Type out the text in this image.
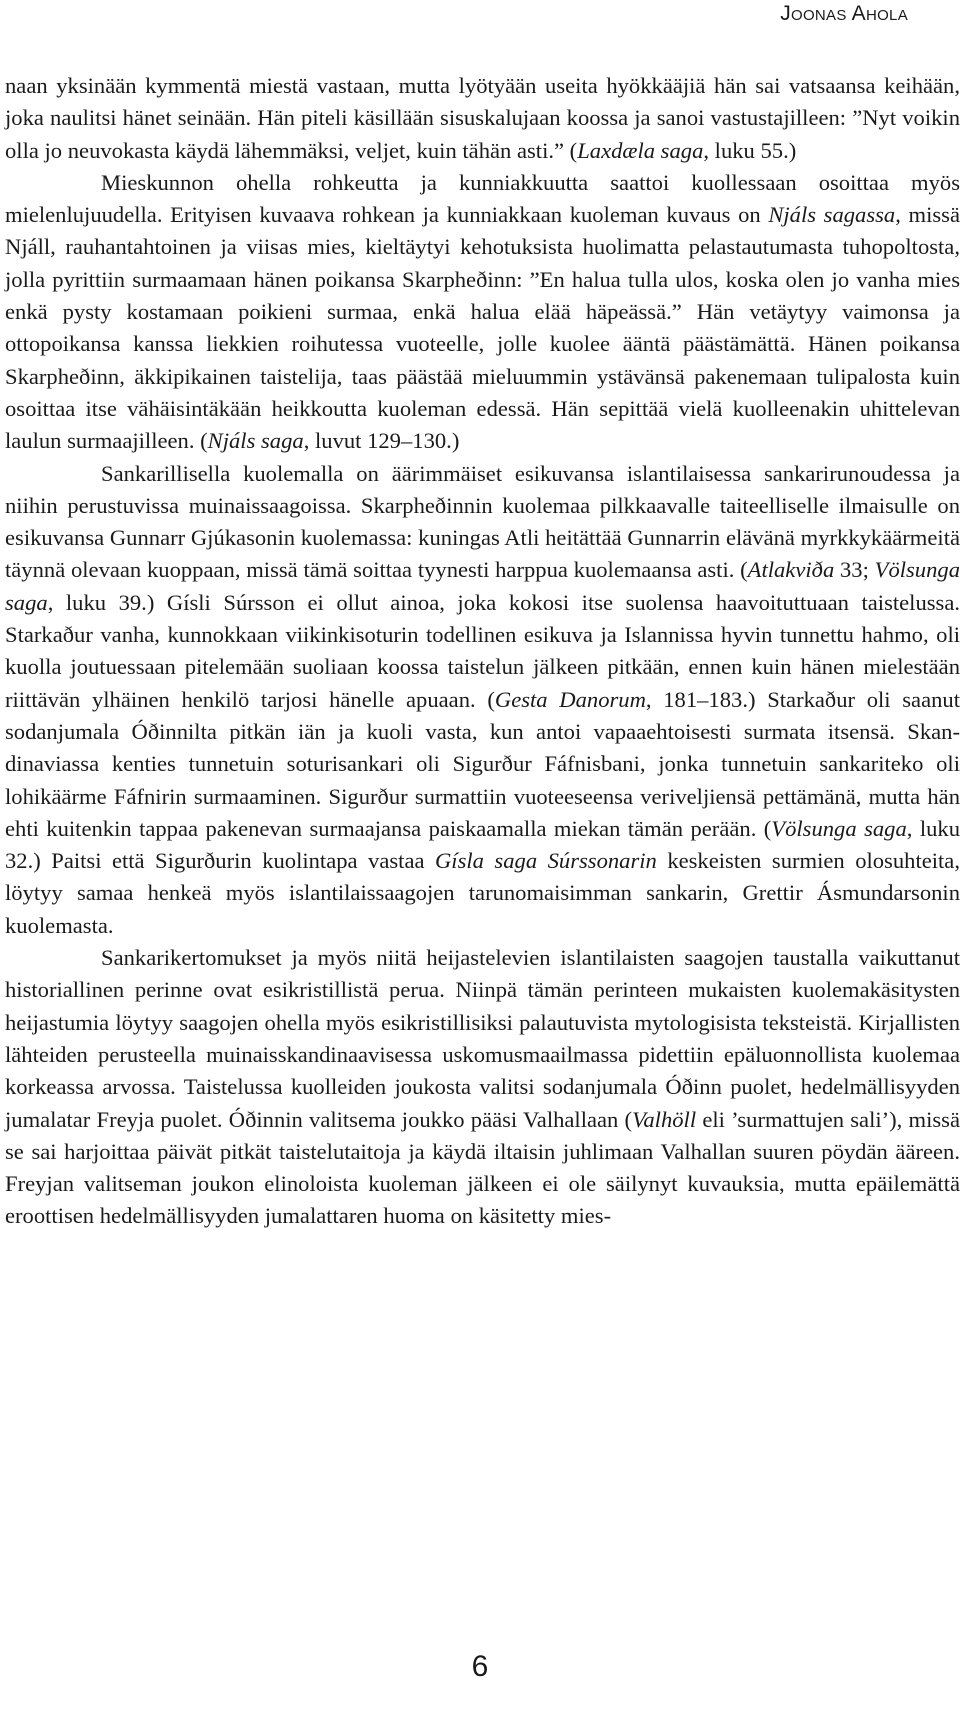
Joonas Ahola

naan yksinään kymmentä miestä vastaan, mutta lyötyään useita hyökkääjiä hän sai vatsaansa keihään, joka naulitsi hänet seinään. Hän piteli käsillään sisuskalujaan koossa ja sanoi vastustajilleen: ”Nyt voikin olla jo neuvokasta käydä lähemmäksi, veljet, kuin tähän asti.” (Laxdæla saga, luku 55.)

Mieskunnon ohella rohkeutta ja kunniakkuutta saattoi kuollessaan osoittaa myös mielenlujuudella. Erityisen kuvaava rohkean ja kunniakkaan kuoleman kuvaus on Njáls sagassa, missä Njáll, rauhantahtoinen ja viisas mies, kieltäytyi kehotuksista huolimatta pelastautumasta tuhopoltosta, jolla pyrittiin surmaamaan hänen poikansa Skarpheðinn: ”En halua tulla ulos, koska olen jo vanha mies enkä pysty kostamaan poikieni surmaa, enkä halua elää häpeässä.” Hän vetäytyy vaimonsa ja ottopoikansa kanssa liekkien roihutessa vuoteelle, jolle kuolee ääntä päästämättä. Hänen poikansa Skarpheðinn, äkkipikainen taistelija, taas päästää mieluummin ystävänsä pakenemaan tulipalosta kuin osoittaa itse vähäisintäkään heikkoutta kuoleman edessä. Hän sepittää vielä kuolleenakin uhittelevan laulun surmaajilleen. (Njáls saga, luvut 129–130.)

Sankarillisella kuolemalla on äärimmäiset esikuvansa islantilaisessa sankarirunoudessa ja niihin perustuvissa muinaissaagoissa. Skarpheðinnin kuolemaa pilkkaavalle taiteelliselle ilmaisulle on esikuvansa Gunnarr Gjúkasonin kuolemassa: kuningas Atli heitättää Gunnarrin elävänä myrkkykäärmeitä täynnä olevaan kuoppaan, missä tämä soittaa tyynesti harppua kuolemaansa asti. (Atlakviða 33; Völsunga saga, luku 39.) Gísli Súrsson ei ollut ainoa, joka kokosi itse suolensa haavoituttuaan taistelussa. Starkaður vanha, kunnokkaan viikinkisoturin todellinen esikuva ja Islannissa hyvin tunnettu hahmo, oli kuolla joutuessaan pitelemään suoliaan koossa taistelun jälkeen pitkään, ennen kuin hänen mielestään riittävän ylhäinen henkilö tarjosi hänelle apuaan. (Gesta Danorum, 181–183.) Starkaður oli saanut sodanjumala Óðinnilta pitkän iän ja kuoli vasta, kun antoi vapaaehtoisesti surmata itsensä. Skandinaviassa kenties tunnetuin soturisankari oli Sigurður Fáfnisbani, jonka tunnetuin sankariteko oli lohikäärme Fáfnirin surmaaminen. Sigurður surmattiin vuoteeseensa veriveljiensä pettämänä, mutta hän ehti kuitenkin tappaa pakenevan surmaajansa paiskaamalla miekan tämän perään. (Völsunga saga, luku 32.) Paitsi että Sigurðurin kuolintapa vastaa Gísla saga Súrssonarin keskeisten surmien olosuhteita, löytyy samaa henkeä myös islantilaissaagojen tarunomaisimman sankarin, Grettir Ásmundarsonin kuolemasta.

Sankarikertomukset ja myös niitä heijastelevien islantilaisten saagojen taustalla vaikuttanut historiallinen perinne ovat esikristillistä perua. Niinpä tämän perinteen mukaisten kuolemakäsitysten heijastumia löytyy saagojen ohella myös esikristillisiksi palautuvista mytologisista teksteistä. Kirjallisten lähteiden perusteella muinaisskandinaavisessa uskomusmaailmassa pidettiin epäluonnollista kuolemaa korkeassa arvossa. Taistelussa kuolleiden joukosta valitsi sodanjumala Óðinn puolet, hedelmällisyyden jumalatar Freyja puolet. Óðinnin valitsema joukko pääsi Valhallaan (Valhöll eli ’surmattujen sali’), missä se sai harjoittaa päivät pitkät taistelutaitoja ja käydä iltaisin juhlimaan Valhallan suuren pöydän ääreen. Freyjan valitseman joukon elinoloista kuoleman jälkeen ei ole säilynyt kuvauksia, mutta epäilemättä eroottisen hedelmällisyyden jumalattaren huoma on käsitetty mies-

6
